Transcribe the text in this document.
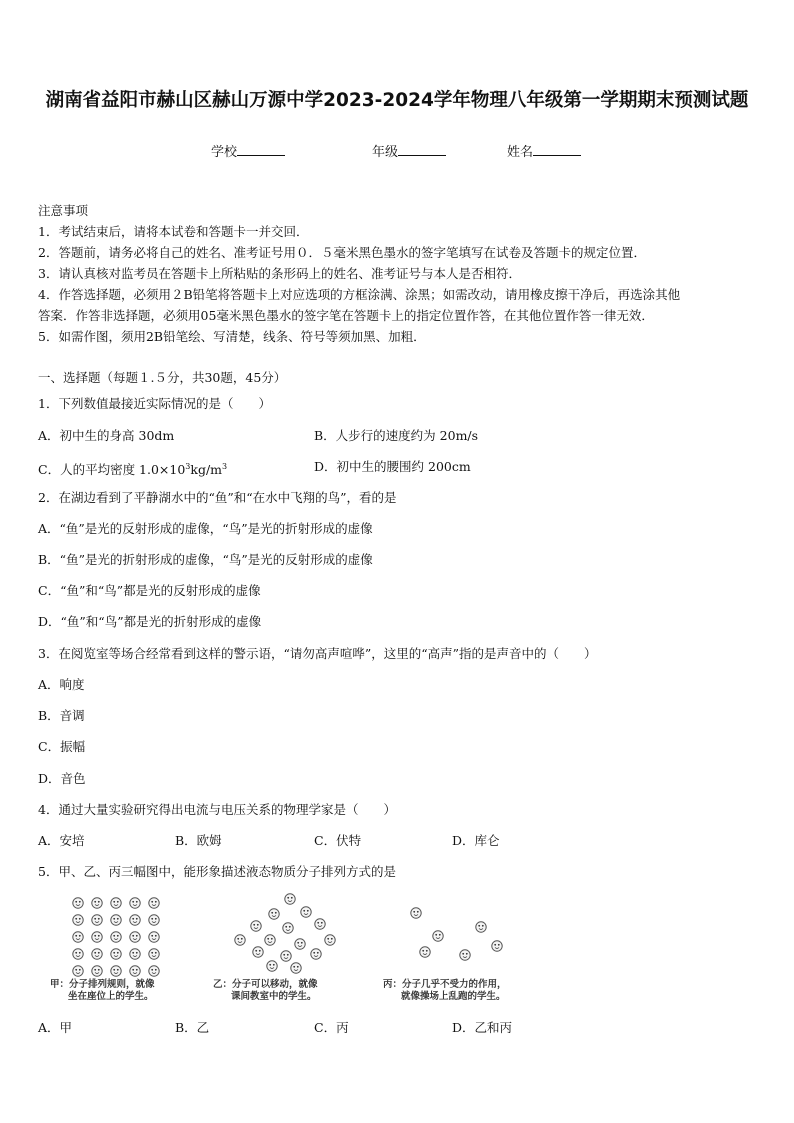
湖南省益阳市赫山区赫山万源中学2023-2024学年物理八年级第一学期期末预测试题
学校	年级	姓名
注意事项
1．考试结束后，请将本试卷和答题卡一并交回．
2．答题前，请务必将自己的姓名、准考证号用０．５毫米黑色墨水的签字笔填写在试卷及答题卡的规定位置．
3．请认真核对监考员在答题卡上所粘贴的条形码上的姓名、准考证号与本人是否相符．
4．作答选择题，必须用２B铅笔将答题卡上对应选项的方框涂满、涂黑；如需改动，请用橡皮擦干净后，再选涂其他
答案．作答非选择题，必须用05毫米黑色墨水的签字笔在答题卡上的指定位置作答，在其他位置作答一律无效．
5．如需作图，须用2B铅笔绘、写清楚，线条、符号等须加黑、加粗．
一、选择题（每题１.５分，共30题，45分）
1．下列数值最接近实际情况的是（　　）
A．初中生的身高 30dm	B．人步行的速度约为 20m/s
C．人的平均密度 $1.0\times 10^3kg/m^3$	D．初中生的腰围约 200cm
2．在湖边看到了平静湖水中的“鱼”和“在水中飞翔的鸟”，看的是
A．“鱼”是光的反射形成的虚像，“鸟”是光的折射形成的虚像
B．“鱼”是光的折射形成的虚像，“鸟”是光的反射形成的虚像
C．“鱼”和“鸟”都是光的反射形成的虚像
D．“鱼”和“鸟”都是光的折射形成的虚像
3．在阅览室等场合经常看到这样的警示语，“请勿高声喧哗”，这里的“高声”指的是声音中的（　　）
A．响度
B．音调
C．振幅
D．音色
4．通过大量实验研究得出电流与电压关系的物理学家是（　　）
A．安培	B．欧姆	C．伏特	D．库仑
5．甲、乙、丙三幅图中，能形象描述液态物质分子排列方式的是
甲：分子排列规则，就像
坐在座位上的学生。
乙：分子可以移动，就像
课间教室中的学生。
丙：分子几乎不受力的作用，
就像操场上乱跑的学生。
A．甲	B．乙	C．丙	D．乙和丙
